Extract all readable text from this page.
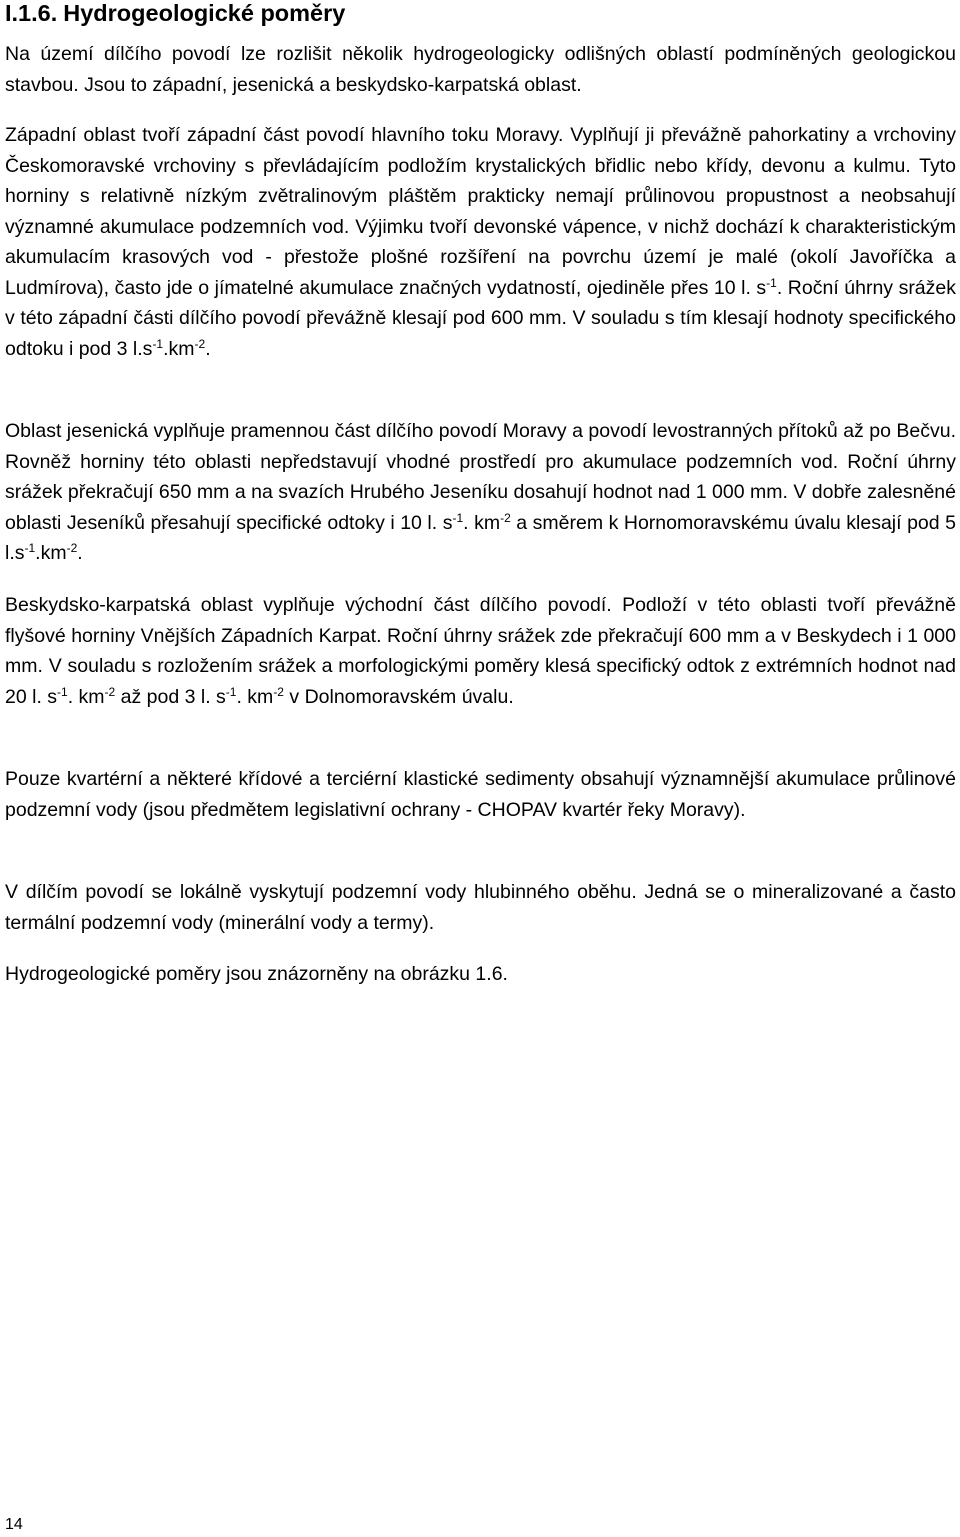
I.1.6. Hydrogeologické poměry

Na území dílčího povodí lze rozlišit několik hydrogeologicky odlišných oblastí podmíněných geologickou stavbou. Jsou to západní, jesenická a beskydsko-karpatská oblast.

Západní oblast tvoří západní část povodí hlavního toku Moravy. Vyplňují ji převážně pahorkatiny a vrchoviny Českomoravské vrchoviny s převládajícím podložím krystalických břidlic nebo křídy, devonu a kulmu. Tyto horniny s relativně nízkým zvětralinovým pláštěm prakticky nemají průlinovou propustnost a neobsahují významné akumulace podzemních vod. Výjimku tvoří devonské vápence, v nichž dochází k charakteristickým akumulacím krasových vod - přestože plošné rozšíření na povrchu území je malé (okolí Javoříčka a Ludmírova), často jde o jímatelné akumulace značných vydatností, ojediněle přes 10 l. $s^{-1}$. Roční úhrny srážek v této západní části dílčího povodí převážně klesají pod 600 mm. V souladu s tím klesají hodnoty specifického odtoku i pod 3 $l.s^{-1}.km^{-2}$.

Oblast jesenická vyplňuje pramennou část dílčího povodí Moravy a povodí levostranných přítoků až po Bečvu. Rovněž horniny této oblasti nepředstavují vhodné prostředí pro akumulace podzemních vod. Roční úhrny srážek překračují 650 mm a na svazích Hrubého Jeseníku dosahují hodnot nad 1 000 mm. V dobře zalesněné oblasti Jeseníků přesahují specifické odtoky i 10 l. $s^{-1}$. $km^{-2}$ a směrem k Hornomoravskému úvalu klesají pod 5 $l.s^{-1}.km^{-2}$.

Beskydsko-karpatská oblast vyplňuje východní část dílčího povodí. Podloží v této oblasti tvoří převážně flyšové horniny Vnějších Západních Karpat. Roční úhrny srážek zde překračují 600 mm a v Beskydech i 1 000 mm. V souladu s rozložením srážek a morfologickými poměry klesá specifický odtok z extrémních hodnot nad 20 l. $s^{-1}$. $km^{-2}$ až pod 3 l. $s^{-1}$. $km^{-2}$ v Dolnomoravském úvalu.

Pouze kvartérní a některé křídové a terciérní klastické sedimenty obsahují významnější akumulace průlinové podzemní vody (jsou předmětem legislativní ochrany - CHOPAV kvartér řeky Moravy).

V dílčím povodí se lokálně vyskytují podzemní vody hlubinného oběhu. Jedná se o mineralizované a často termální podzemní vody (minerální vody a termy).

Hydrogeologické poměry jsou znázorněny na obrázku 1.6.

14
